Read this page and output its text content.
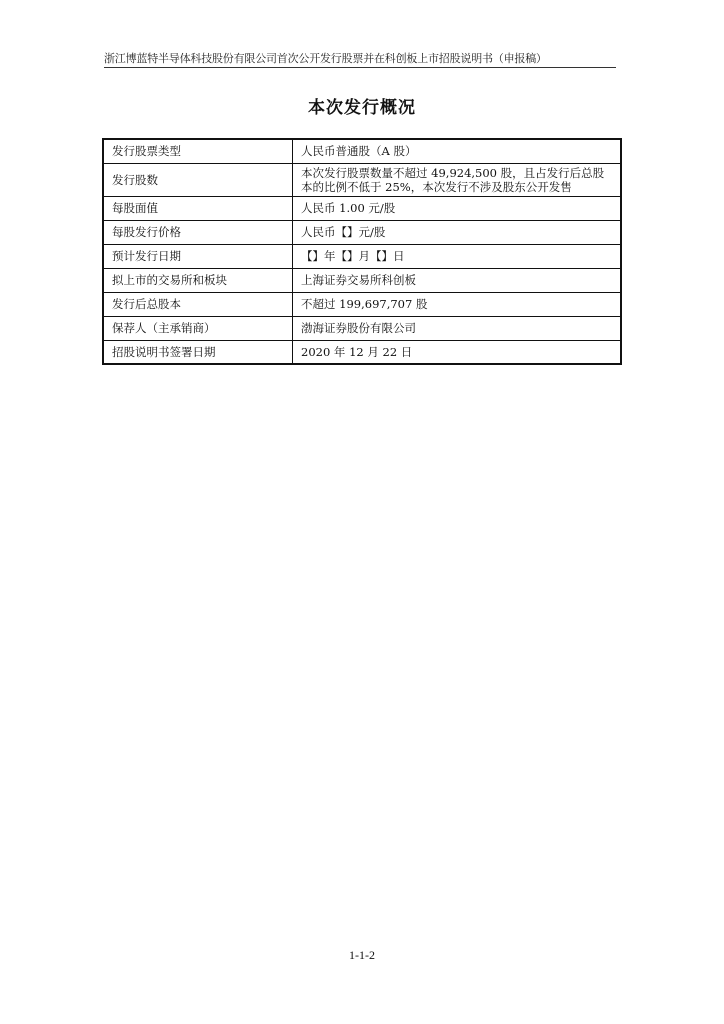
浙江博蓝特半导体科技股份有限公司首次公开发行股票并在科创板上市招股说明书（申报稿）
本次发行概况
发行股票类型	人民币普通股（A 股）
发行股数	本次发行股票数量不超过 49,924,500 股，且占发行后总股本的比例不低于 25%，本次发行不涉及股东公开发售
每股面值	人民币 1.00 元/股
每股发行价格	人民币【】元/股
预计发行日期	【】年【】月【】日
拟上市的交易所和板块	上海证券交易所科创板
发行后总股本	不超过 199,697,707 股
保荐人（主承销商）	渤海证券股份有限公司
招股说明书签署日期	2020 年 12 月 22 日
1-1-2
